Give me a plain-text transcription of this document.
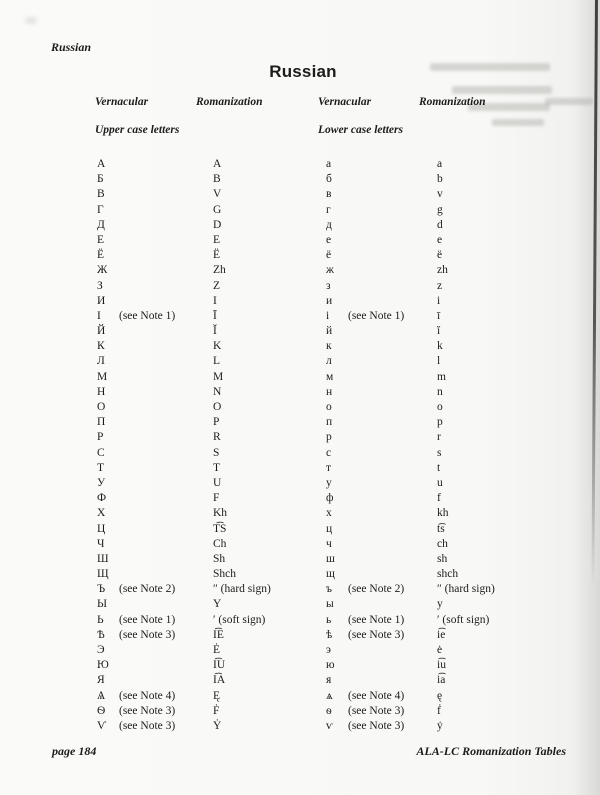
Russian
Russian
Vernacular	Romanization	Vernacular	Romanization
Upper case letters	Lower case letters
А	A	а	a
Б	B	б	b
В	V	в	v
Г	G	г	g
Д	D	д	d
Е	E	е	e
Ё	Ë	ё	ë
Ж	Zh	ж	zh
З	Z	з	z
И	I	и	i
І (see Note 1)	Ī	і (see Note 1)	ī
Й	Ĭ	й	ĭ
К	K	к	k
Л	L	л	l
М	M	м	m
Н	N	н	n
О	O	о	o
П	P	п	p
Р	R	р	r
С	S	с	s
Т	T	т	t
У	U	у	u
Ф	F	ф	f
Х	Kh	х	kh
Ц	T͡S	ц	t͡s
Ч	Ch	ч	ch
Ш	Sh	ш	sh
Щ	Shch	щ	shch
Ъ (see Note 2)	″ (hard sign)	ъ (see Note 2)	″ (hard sign)
Ы	Y	ы	y
Ь (see Note 1)	′ (soft sign)	ь (see Note 1)	′ (soft sign)
Ѣ (see Note 3)	I͡E	ѣ (see Note 3)	i͡e
Э	Ė	э	ė
Ю	I͡U	ю	i͡u
Я	I͡A	я	i͡a
Ѧ (see Note 4)	Ę	ѧ (see Note 4)	ę
Ѳ (see Note 3)	Ḟ	ѳ (see Note 3)	ḟ
Ѵ (see Note 3)	Ẏ	ѵ (see Note 3)	ẏ
page 184	ALA-LC Romanization Tables
